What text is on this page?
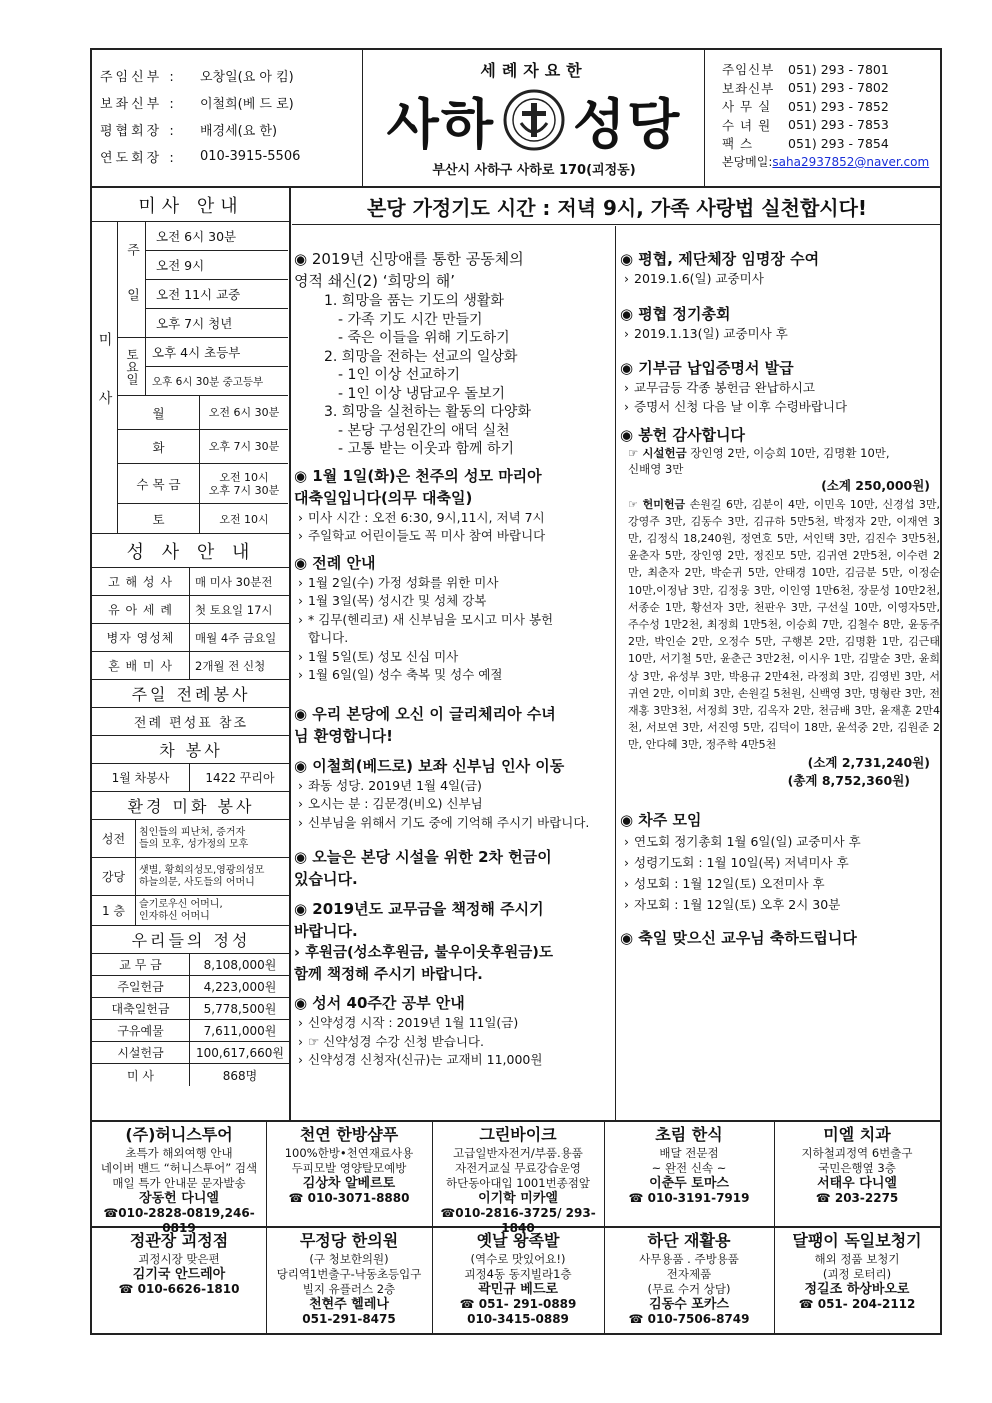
주임신부 :	오창일(요 아 킴)
보좌신부 :	이철희(베 드 로)
평협회장 :	배경세(요 한)
연도회장 :	010-3915-5506
세례자요한
사하 성당
부산시 사하구 사하로 170(괴정동)
주임신부	051) 293 - 7801
보좌신부	051) 293 - 7802
사 무 실	051) 293 - 7852
수 녀 원	051) 293 - 7853
팩 스	051) 293 - 7854
본당메일: saha2937852@naver.com
미사 안내
미 사
주 일
오전 6시 30분
오전 9시
오전 11시 교중
오후 7시 청년
토요일	오후 4시 초등부
오후 6시 30분 중고등부
월	오전 6시 30분
화	오후 7시 30분
수 목 금	오전 10시
오후 7시 30분
토	오전 10시
성 사 안 내
고 해 성 사	매 미사 30분전
유 아 세 례	첫 토요일 17시
병자 영성체	매월 4주 금요일
혼 배 미 사	2개월 전 신청
주일 전례봉사
전례 편성표 참조
차 봉사
1월 차봉사	1422 꾸리아
환경 미화 봉사
성전	침인들의 피난처, 증거자
들의 모후, 성가정의 모후
강당	샛별, 황희의성모,영광의성모
하늘의문, 사도들의 어머니
1 층	슬기로우신 어머니,
인자하신 어머니
우리들의 정성
교 무 금	8,108,000원
주일헌금	4,223,000원
대축일헌금	5,778,500원
구유예물	7,611,000원
시설헌금	100,617,660원
미 사	868명
본당 가정기도 시간 : 저녁 9시, 가족 사랑법 실천합시다!
◉ 2019년 신망애를 통한 공동체의
영적 쇄신(2) ‘희망의 해’
1. 희망을 품는 기도의 생활화
- 가족 기도 시간 만들기
- 죽은 이들을 위해 기도하기
2. 희망을 전하는 선교의 일상화
- 1인 이상 선교하기
- 1인 이상 냉담교우 돌보기
3. 희망을 실천하는 활동의 다양화
- 본당 구성원간의 애덕 실천
- 고통 받는 이웃과 함께 하기
◉ 1월 1일(화)은 천주의 성모 마리아
대축일입니다(의무 대축일)
› 미사 시간 : 오전 6:30, 9시,11시, 저녁 7시
› 주일학교 어린이들도 꼭 미사 참여 바랍니다
◉ 전례 안내
› 1월 2일(수) 가정 성화를 위한 미사
› 1월 3일(목) 성시간 및 성체 강복
› * 김무(헨리코) 새 신부님을 모시고 미사 봉헌
합니다.
› 1월 5일(토) 성모 신심 미사
› 1월 6일(일) 성수 축복 및 성수 예절
◉ 우리 본당에 오신 이 글리체리아 수녀
님 환영합니다!
◉ 이철희(베드로) 보좌 신부님 인사 이동
› 좌동 성당. 2019년 1월 4일(금)
› 오시는 분 : 김문경(비오) 신부님
› 신부님을 위해서 기도 중에 기억해 주시기 바랍니다.
◉ 오늘은 본당 시설을 위한 2차 헌금이
있습니다.
◉ 2019년도 교무금을 책정해 주시기
바랍니다.
› 후원금(성소후원금, 불우이웃후원금)도
함께 책정해 주시기 바랍니다.
◉ 성서 40주간 공부 안내
› 신약성경 시작 : 2019년 1월 11일(금)
› ☞ 신약성경 수강 신청 받습니다.
› 신약성경 신청자(신규)는 교재비 11,000원
◉ 평협, 제단체장 임명장 수여
› 2019.1.6(일) 교중미사
◉ 평협 정기총회
› 2019.1.13(일) 교중미사 후
◉ 기부금 납입증명서 발급
› 교무금등 각종 봉헌금 완납하시고
› 증명서 신청 다음 날 이후 수령바랍니다
◉ 봉헌 감사합니다
☞ 시설헌금 장인영 2만, 이승희 10만, 김명환 10만,
신배영 3만
(소계 250,000원)
☞ 헌미헌금 손원길 6만, 김분이 4만, 이민옥 10만, 신경섭 3만, 강영주 3만, 김동수 3만, 김규하 5만5천, 박정자 2만, 이재연 3만, 김정식 18,240원, 정연호 5만, 서인택 3만, 김진수 3만5천, 윤춘자 5만, 장인영 2만, 정진모 5만, 김귀연 2만5천, 이수련 2만, 최춘자 2만, 박순귀 5만, 안태경 10만, 김금분 5만, 이정순 10만,이정남 3만, 김정웅 3만, 이인영 1만6천, 장문성 10만2천, 서종순 1만, 황선자 3만, 천판우 3만, 구선실 10만, 이영자5만, 주수성 1만2천, 최정희 1만5천, 이승희 7만, 김철수 8만, 윤동주 2만, 박인순 2만, 오정수 5만, 구행본 2만, 김명환 1만, 김근태 10만, 서기철 5만, 윤춘근 3만2천, 이시우 1만, 김말순 3만, 윤희상 3만, 유성부 3만, 박용규 2만4천, 라정희 3만, 김영빈 3만, 서귀연 2만, 이미희 3만, 손원길 5천원, 신백영 3만, 명형란 3만, 전재홍 3만3천, 서정희 3만, 김옥자 2만, 천금배 3만, 윤재훈 2만4천, 서보연 3만, 서진영 5만, 김덕이 18만, 윤석중 2만, 김원준 2만, 안다혜 3만, 정주학 4만5천
(소계 2,731,240원)
(총계 8,752,360원)
◉ 차주 모임
› 연도회 정기총회 1월 6일(일) 교중미사 후
› 성령기도회 : 1월 10일(목) 저녁미사 후
› 성모회 : 1월 12일(토) 오전미사 후
› 자모회 : 1월 12일(토) 오후 2시 30분
◉ 축일 맞으신 교우님 축하드립니다
(주)허니스투어
초특가 해외여행 안내
네이버 밴드 “허니스투어” 검색
매일 특가 안내문 문자발송
장동헌 다니엘
☎010-2828-0819,246-0819
천연 한방샴푸
100%한방•천연재료사용
두피모발 영양탈모예방
김상차 알베르토
☎ 010-3071-8880
그린바이크
고급일반자전거/부품.용품
자전거교실 무료강습운영
하단동아대입 1001번종점앞
이기학 미카엘
☎010-2816-3725/ 293-1840
초림 한식
배달 전문점
~ 완전 신속 ~
이춘두 토마스
☎ 010-3191-7919
미엘 치과
지하철괴정역 6번출구
국민은행옆 3층
서태우 다니엘
☎ 203-2275
정관장 괴정점
괴정시장 맞은편
김기국 안드레아
☎ 010-6626-1810
무정당 한의원
(구 청보한의원)
당리역1번출구-낙동초등입구
빌지 유플러스 2층
천현주 헬레나
051-291-8475
옛날 왕족발
(역수로 맛있어요!)
괴정4동 동지빌라1층
곽민규 베드로
☎ 051- 291-0889
010-3415-0889
하단 재활용
사무용품 . 주방용품
전자제품
(무료 수거 상담)
김동수 포카스
☎ 010-7506-8749
달팽이 독일보청기
해외 정품 보청기
(괴정 로터리)
정길조 하상바오로
☎ 051- 204-2112
